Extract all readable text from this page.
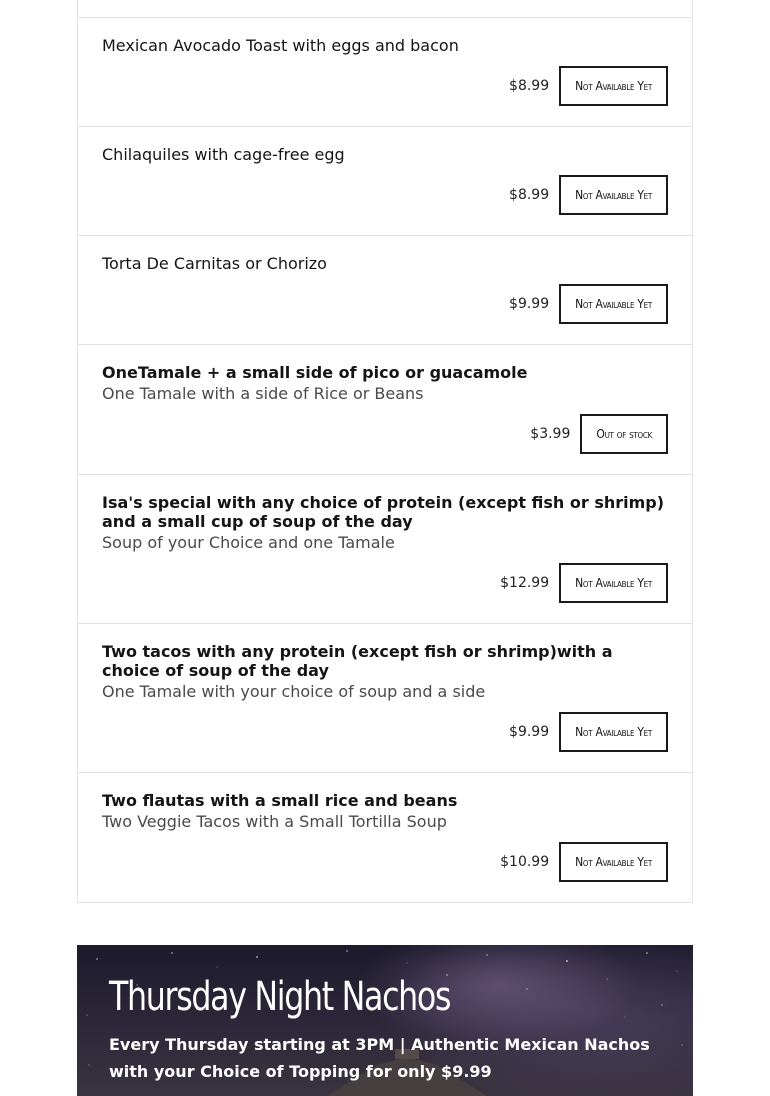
Mexican Avocado Toast with eggs and bacon

$8.99	Not Available Yet

Chilaquiles with cage-free egg

$8.99	Not Available Yet

Torta De Carnitas or Chorizo

$9.99	Not Available Yet

OneTamale + a small side of pico or guacamole

One Tamale with a side of Rice or Beans

$3.99	Out of stock

Isa's special with any choice of protein (except fish or shrimp) and a small cup of soup of the day

Soup of your Choice and one Tamale

$12.99	Not Available Yet

Two tacos with any protein (except fish or shrimp)with a choice of soup of the day

One Tamale with your choice of soup and a side

$9.99	Not Available Yet

Two flautas with a small rice and beans

Two Veggie Tacos with a Small Tortilla Soup

$10.99	Not Available Yet
Thursday Night Nachos

Every Thursday starting at 3PM | Authentic Mexican Nachos with your Choice of Topping for only $9.99
